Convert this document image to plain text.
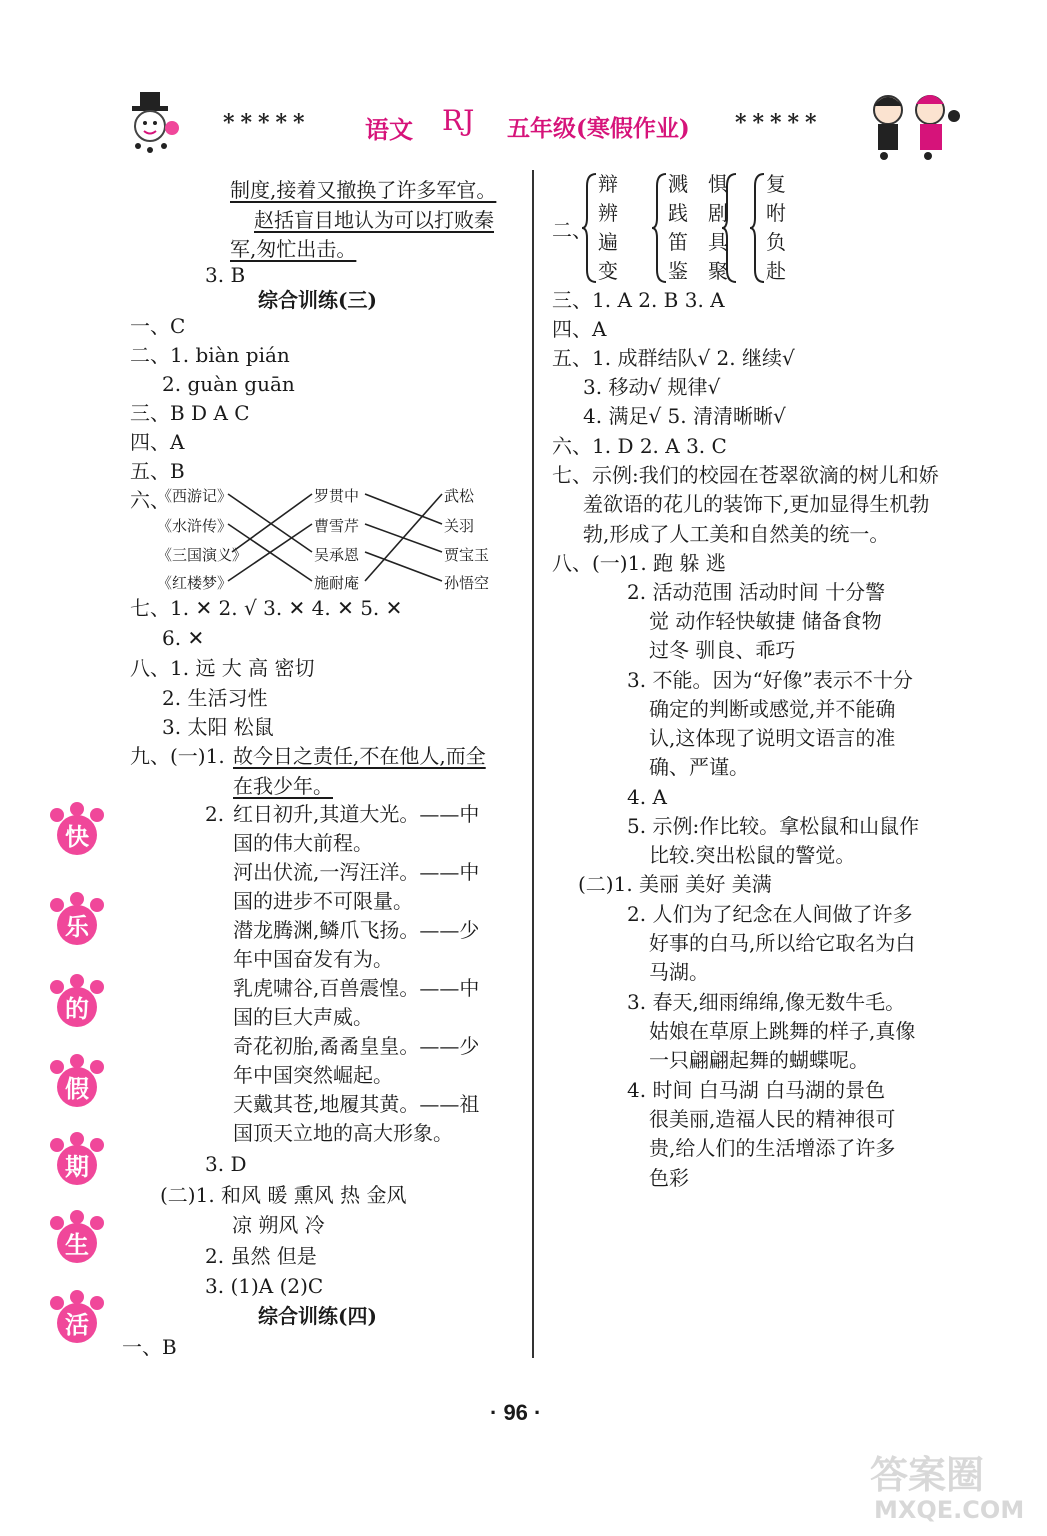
***** 语文 RJ 五年级(寒假作业) *****
制度,接着又撤换了许多军官。
赵括盲目地认为可以打败秦
军,匆忙出击。
3. B
综合训练(三)
一、C
二、1. biàn pián
2. guàn guān
三、B D A C
四、A
五、B
六、
《西游记》
《水浒传》
《三国演义》
《红楼梦》
罗贯中
曹雪芹
吴承恩
施耐庵
武松
关羽
贾宝玉
孙悟空
七、1. ✕ 2. √ 3. ✕ 4. ✕ 5. ✕
6. ✕
八、1. 远 大 高 密切
2. 生活习性
3. 太阳 松鼠
九、(一)1. 故今日之责任,不在他人,而全
在我少年。
2. 红日初升,其道大光。——中
国的伟大前程。
河出伏流,一泻汪洋。——中
国的进步不可限量。
潜龙腾渊,鳞爪飞扬。——少
年中国奋发有为。
乳虎啸谷,百兽震惶。——中
国的巨大声威。
奇花初胎,矞矞皇皇。——少
年中国突然崛起。
天戴其苍,地履其黄。——祖
国顶天立地的高大形象。
3. D
(二)1. 和风 暖 熏风 热 金风
凉 朔风 冷
2. 虽然 但是
3. (1)A (2)C
综合训练(四)
一、B
二、
辩
辨
遍
变
溅
践
笛
鉴
惧
剧
具
聚
复
咐
负
赴
三、1. A 2. B 3. A
四、A
五、1. 成群结队√ 2. 继续√
3. 移动√ 规律√
4. 满足√ 5. 清清晰晰√
六、1. D 2. A 3. C
七、示例:我们的校园在苍翠欲滴的树儿和娇
羞欲语的花儿的装饰下,更加显得生机勃
勃,形成了人工美和自然美的统一。
八、(一)1. 跑 躲 逃
2. 活动范围 活动时间 十分警
觉 动作轻快敏捷 储备食物
过冬 驯良、乖巧
3. 不能。因为“好像”表示不十分
确定的判断或感觉,并不能确
认,这体现了说明文语言的准
确、严谨。
4. A
5. 示例:作比较。拿松鼠和山鼠作
比较.突出松鼠的警觉。
(二)1. 美丽 美好 美满
2. 人们为了纪念在人间做了许多
好事的白马,所以给它取名为白
马湖。
3. 春天,细雨绵绵,像无数牛毛。
姑娘在草原上跳舞的样子,真像
一只翩翩起舞的蝴蝶呢。
4. 时间 白马湖 白马湖的景色
很美丽,造福人民的精神很可
贵,给人们的生活增添了许多
色彩
快
乐
的
假
期
生
活
· 96 ·
答案圈
MXQE.COM
